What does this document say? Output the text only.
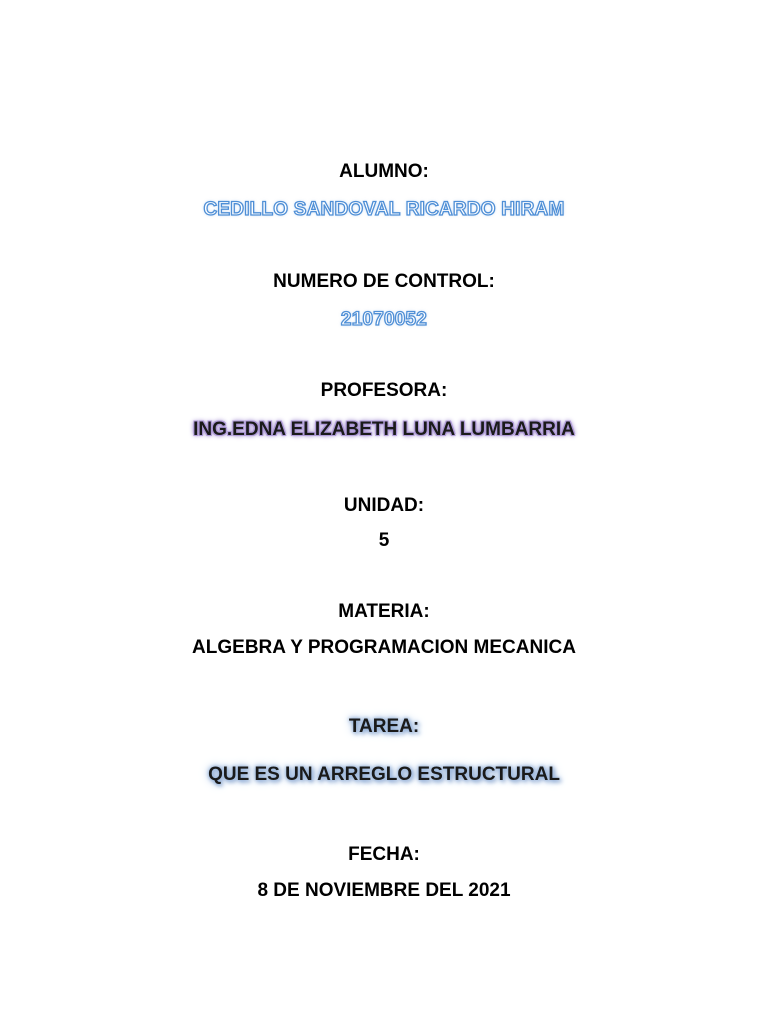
ALUMNO:
CEDILLO SANDOVAL RICARDO HIRAM
NUMERO DE CONTROL:
21070052
PROFESORA:
ING.EDNA ELIZABETH LUNA LUMBARRIA
UNIDAD:
5
MATERIA:
ALGEBRA Y PROGRAMACION MECANICA
TAREA:
QUE ES UN ARREGLO ESTRUCTURAL
FECHA:
8 DE NOVIEMBRE DEL 2021
